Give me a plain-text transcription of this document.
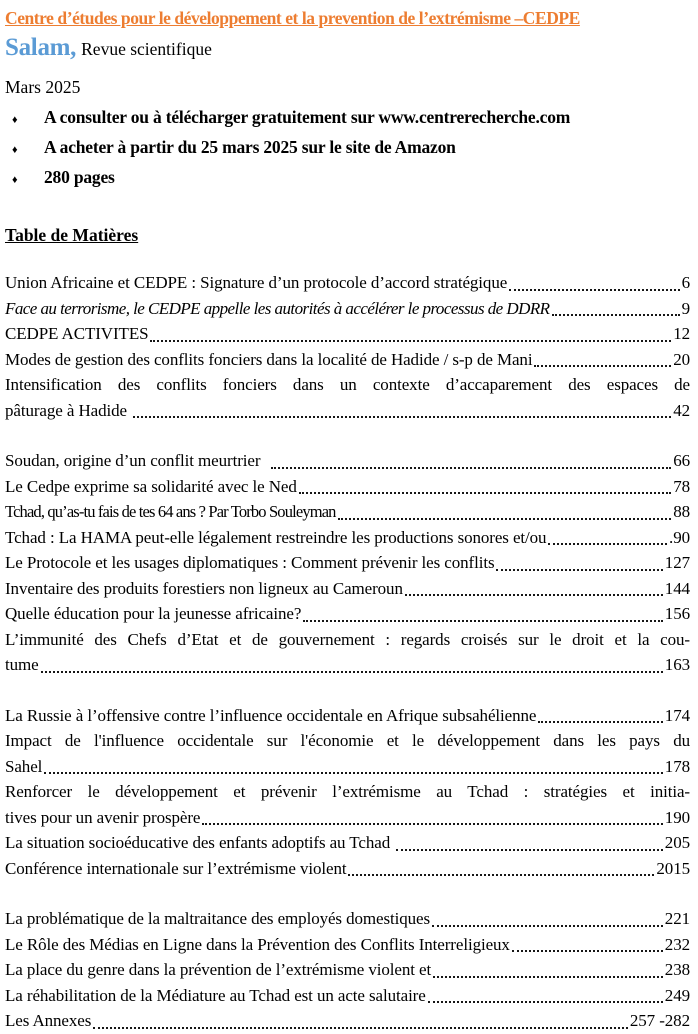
Centre d’études pour le développement et la prevention de l’extrémisme –CEDPE
Salam, Revue scientifique
Mars 2025
♦	A consulter ou à télécharger gratuitement sur www.centrerecherche.com
♦	A acheter à partir du 25 mars 2025 sur le site de Amazon
♦	280 pages
Table de Matières
Union Africaine et CEDPE : Signature d’un protocole d’accord stratégique	6
Face au terrorisme, le CEDPE appelle les autorités à accélérer le processus de DDRR	9
CEDPE ACTIVITES	12
Modes de gestion des conflits fonciers dans la localité de Hadide / s-p de Mani	20
Intensification des conflits fonciers dans un contexte d’accaparement des espaces de
pâturage à Hadide	42
Soudan, origine d’un conflit meurtrier	66
Le Cedpe exprime sa solidarité avec le Ned	78
Tchad, qu’as-tu fais de tes 64 ans ? Par Torbo Souleyman	88
Tchad : La HAMA peut-elle légalement restreindre les productions sonores et/ou	.90
Le Protocole et les usages diplomatiques : Comment prévenir les conflits	127
Inventaire des produits forestiers non ligneux au Cameroun	144
Quelle éducation pour la jeunesse africaine?	156
L’immunité des Chefs d’Etat et de gouvernement : regards croisés sur le droit et la cou-
tume	163
La Russie à l’offensive contre l’influence occidentale en Afrique subsahélienne	174
Impact de l'influence occidentale sur l'économie et le développement dans les pays du
Sahel	178
Renforcer le développement et prévenir l’extrémisme au Tchad : stratégies et initia-
tives pour un avenir prospère	190
La situation socioéducative des enfants adoptifs au Tchad	205
Conférence internationale sur l’extrémisme violent	2015
La problématique de la maltraitance des employés domestiques	221
Le Rôle des Médias en Ligne dans la Prévention des Conflits Interreligieux	232
La place du genre dans la prévention de l’extrémisme violent et	238
La réhabilitation de la Médiature au Tchad est un acte salutaire	249
Les Annexes	257 -282
